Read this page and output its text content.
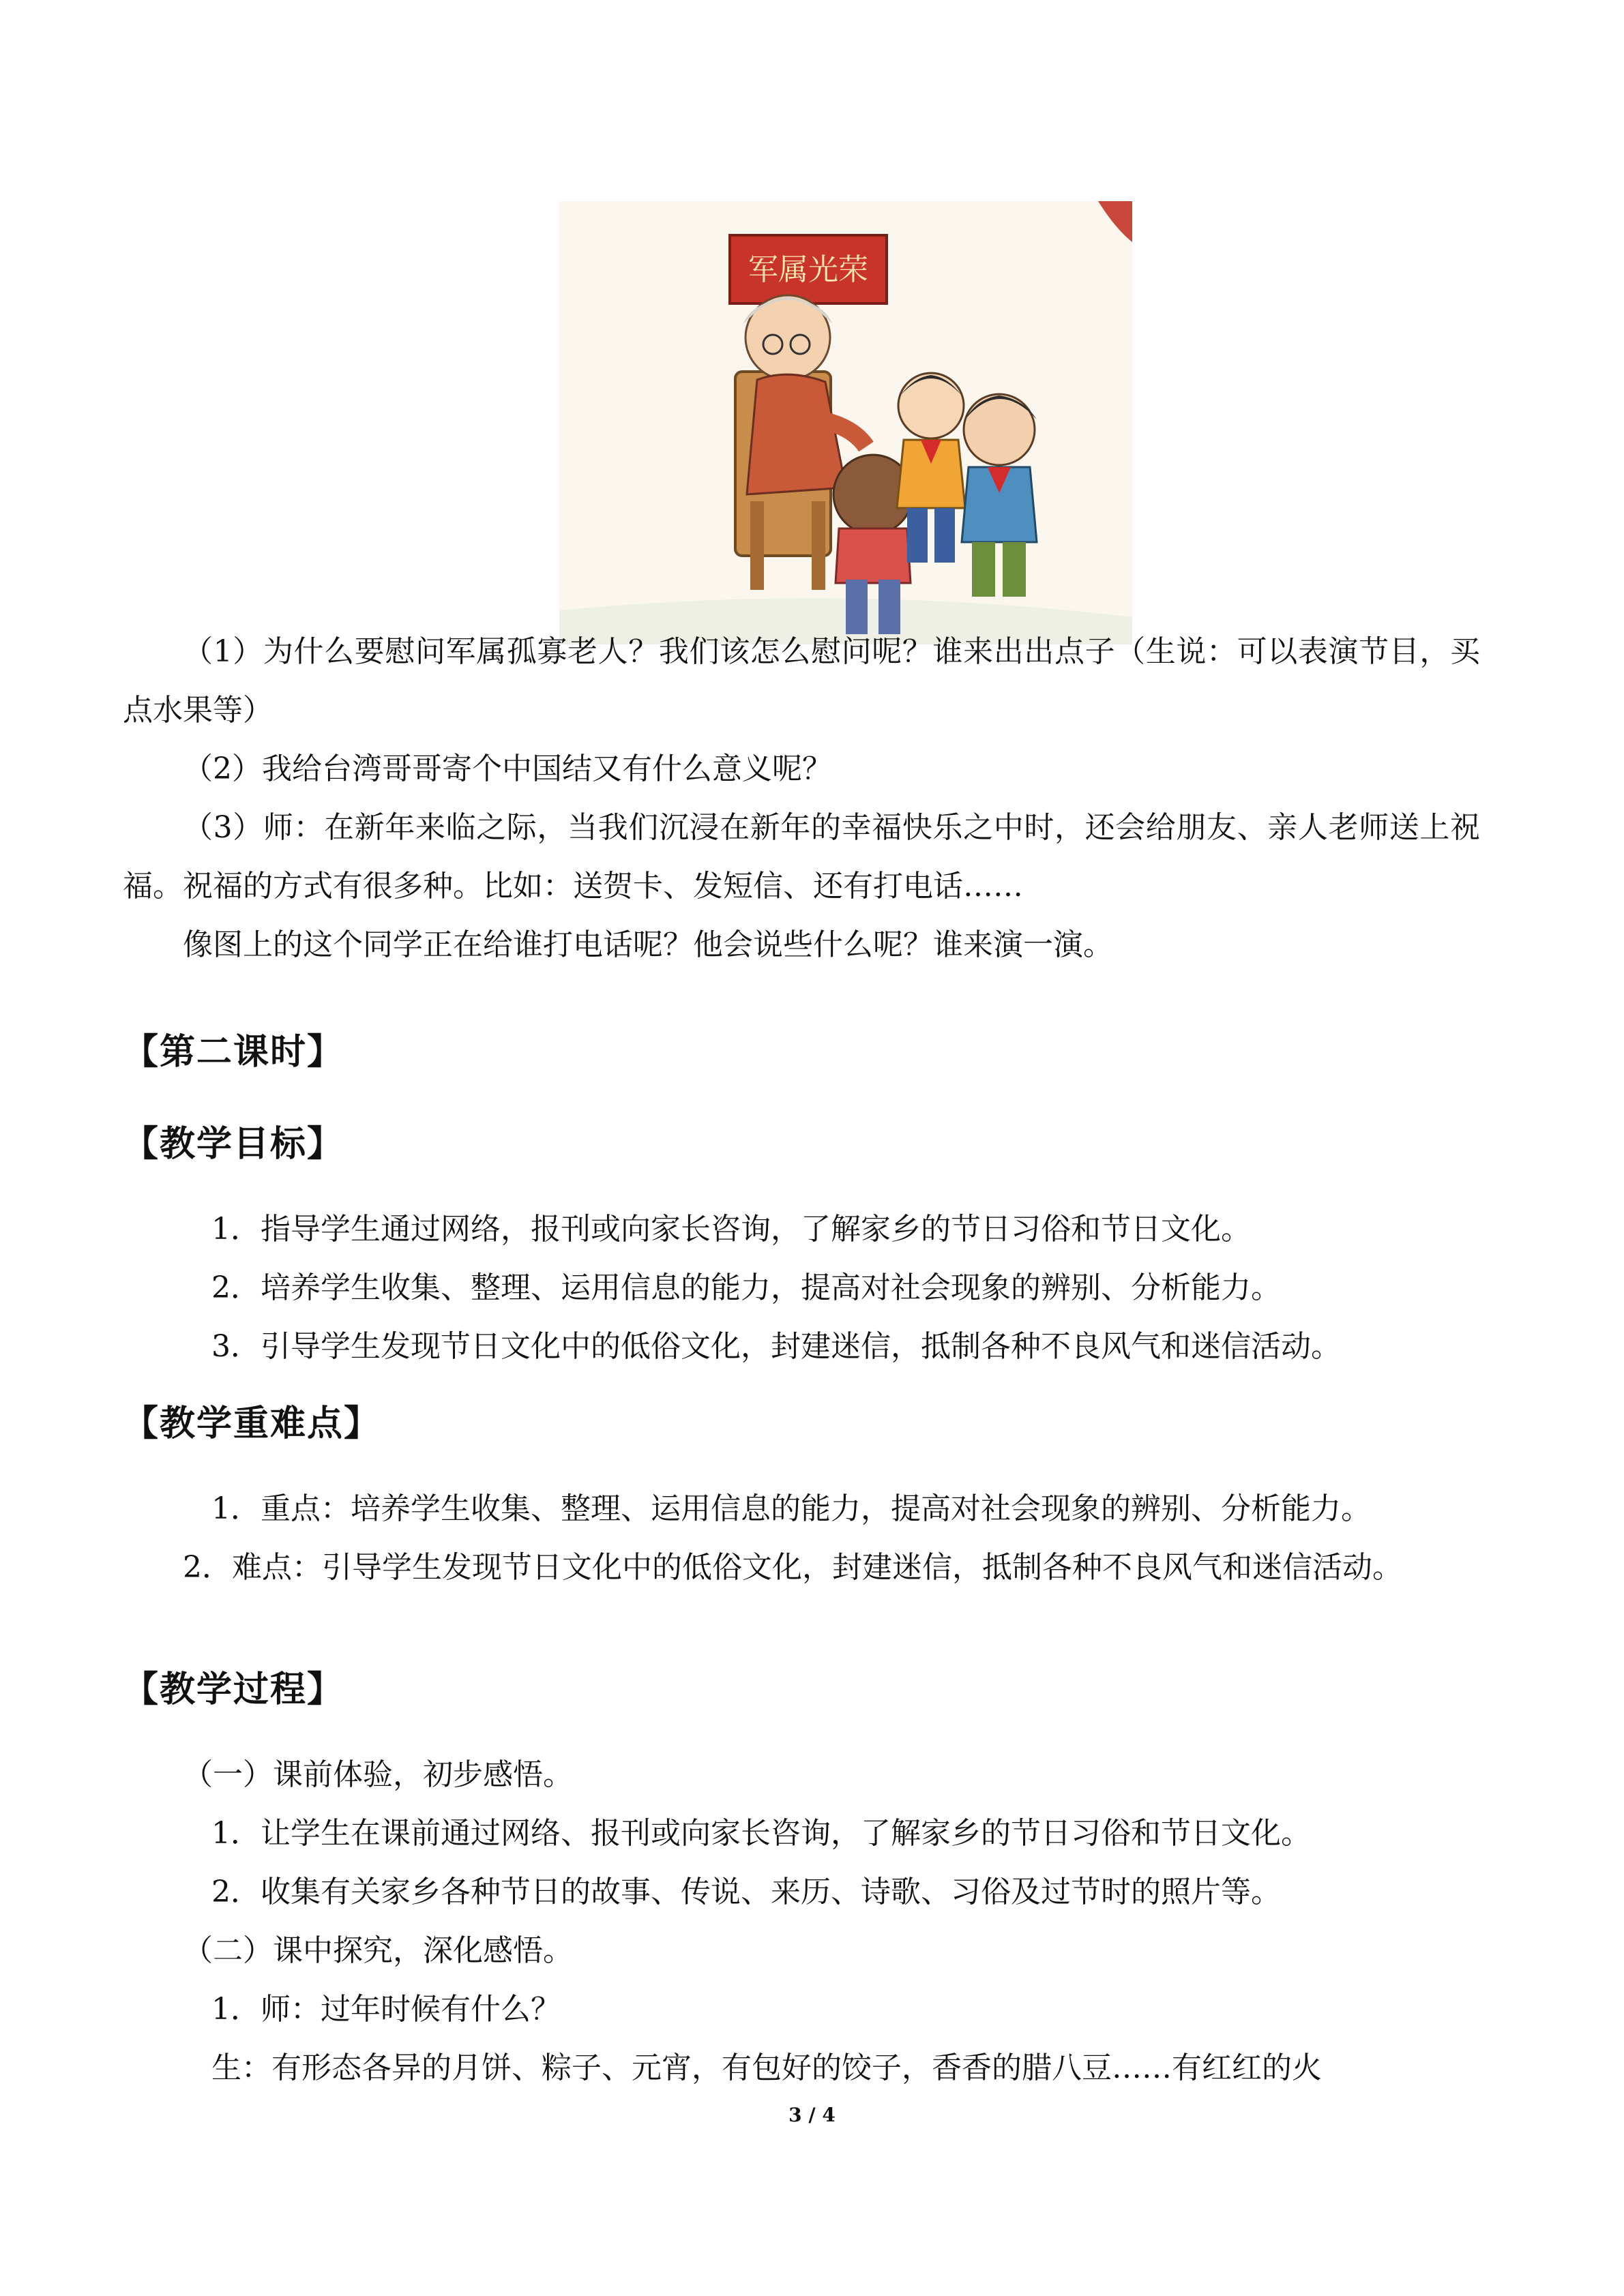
军属光荣
（1）为什么要慰问军属孤寡老人？我们该怎么慰问呢？谁来出出点子（生说：可以表演节目，买点水果等）
（2）我给台湾哥哥寄个中国结又有什么意义呢？
（3）师：在新年来临之际，当我们沉浸在新年的幸福快乐之中时，还会给朋友、亲人老师送上祝福。祝福的方式有很多种。比如：送贺卡、发短信、还有打电话……
像图上的这个同学正在给谁打电话呢？他会说些什么呢？谁来演一演。
【第二课时】
【教学目标】
1．指导学生通过网络，报刊或向家长咨询，了解家乡的节日习俗和节日文化。
2．培养学生收集、整理、运用信息的能力，提高对社会现象的辨别、分析能力。
3．引导学生发现节日文化中的低俗文化，封建迷信，抵制各种不良风气和迷信活动。
【教学重难点】
1．重点：培养学生收集、整理、运用信息的能力，提高对社会现象的辨别、分析能力。
2．难点：引导学生发现节日文化中的低俗文化，封建迷信，抵制各种不良风气和迷信活动。
【教学过程】
（一）课前体验，初步感悟。
1．让学生在课前通过网络、报刊或向家长咨询，了解家乡的节日习俗和节日文化。
2．收集有关家乡各种节日的故事、传说、来历、诗歌、习俗及过节时的照片等。
（二）课中探究，深化感悟。
1．师：过年时候有什么？
生：有形态各异的月饼、粽子、元宵，有包好的饺子，香香的腊八豆……有红红的火
3 / 4
